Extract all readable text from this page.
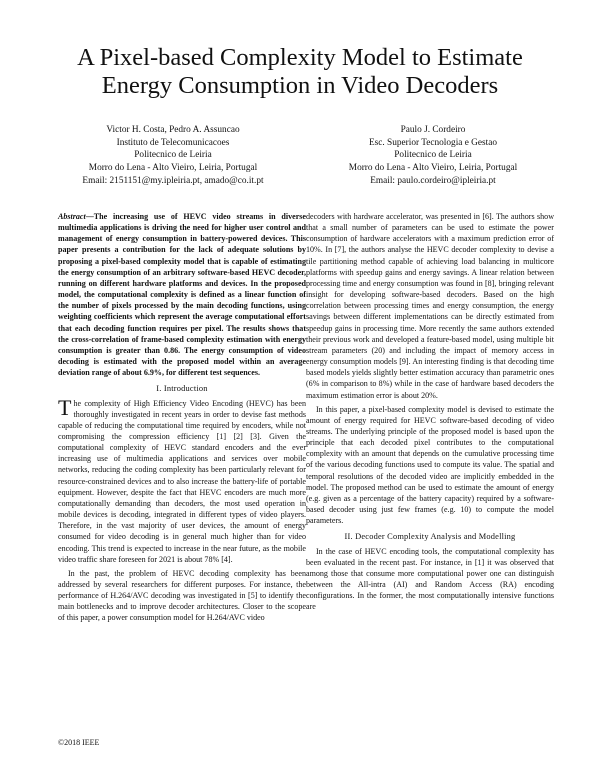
A Pixel-based Complexity Model to Estimate
Energy Consumption in Video Decoders
Victor H. Costa, Pedro A. Assuncao
Instituto de Telecomunicacoes
Politecnico de Leiria
Morro do Lena - Alto Vieiro, Leiria, Portugal
Email: 2151151@my.ipleiria.pt, amado@co.it.pt
Paulo J. Cordeiro
Esc. Superior Tecnologia e Gestao
Politecnico de Leiria
Morro do Lena - Alto Vieiro, Leiria, Portugal
Email: paulo.cordeiro@ipleiria.pt
Abstract—The increasing use of HEVC video streams in diverse multimedia applications is driving the need for higher user control and management of energy consumption in battery-powered devices. This paper presents a contribution for the lack of adequate solutions by proposing a pixel-based complexity model that is capable of estimating the energy consumption of an arbitrary software-based HEVC decoder, running on different hardware platforms and devices. In the proposed model, the computational complexity is defined as a linear function of the number of pixels processed by the main decoding functions, using weighting coefficients which represent the average computational effort that each decoding function requires per pixel. The results shows that the cross-correlation of frame-based complexity estimation with energy consumption is greater than 0.86. The energy consumption of video decoding is estimated with the proposed model within an average deviation range of about 6.9%, for different test sequences.
I. Introduction

The complexity of High Efficiency Video Encoding (HEVC) has been thoroughly investigated in recent years in order to devise fast methods capable of reducing the computational time required by encoders, while not compromising the compression efficiency [1] [2] [3]. Given the computational complexity of HEVC standard encoders and the ever increasing use of multimedia applications and services over mobile networks, reducing the coding complexity has been particularly relevant for resource-constrained devices and to also increase the battery-life of portable equipment. However, despite the fact that HEVC encoders are much more computationally demanding than decoders, the most used operation in mobile devices is decoding, integrated in different types of video players. Therefore, in the vast majority of user devices, the amount of energy consumed for video decoding is in general much higher than for video encoding. This trend is expected to increase in the near future, as the mobile video traffic share foreseen for 2021 is about 78% [4].

In the past, the problem of HEVC decoding complexity has been addressed by several researchers for different purposes. For instance, the performance of H.264/AVC decoding was investigated in [5] to identify the main bottlenecks and to improve decoder architectures. Closer to the scope of this paper, a power consumption model for H.264/AVC video

decoders with hardware accelerator, was presented in [6]. The authors show that a small number of parameters can be used to estimate the power consumption of hardware accelerators with a maximum prediction error of 10%. In [7], the authors analyse the HEVC decoder complexity to devise a tile partitioning method capable of achieving load balancing in multicore platforms with speedup gains and energy savings. A linear relation between processing time and energy consumption was found in [8], bringing relevant insight for developing software-based decoders. Based on the high correlation between processing times and energy consumption, the energy savings between different implementations can be directly estimated from speedup gains in processing time. More recently the same authors extended their previous work and developed a feature-based model, using multiple bit stream parameters (20) and including the impact of memory access in energy consumption models [9]. An interesting finding is that decoding time based models yields slightly better estimation accuracy than parametric ones (6% in comparison to 8%) while in the case of hardware based decoders the maximum estimation error is about 20%.

In this paper, a pixel-based complexity model is devised to estimate the amount of energy required for HEVC software-based decoding of video streams. The underlying principle of the proposed model is based upon the principle that each decoded pixel contributes to the computational complexity with an amount that depends on the cumulative processing time of the various decoding functions used to compute its value. The spatial and temporal resolutions of the decoded video are implicitly embedded in the model. The proposed method can be used to estimate the amount of energy (e.g. given as a percentage of the battery capacity) required by a software-based decoder using just few frames (e.g. 10) to compute the model parameters.

II. Decoder Complexity Analysis and Modelling

In the case of HEVC encoding tools, the computational complexity has been evaluated in the recent past. For instance, in [1] it was observed that among those that consume more computational power one can distinguish between the All-intra (AI) and Random Access (RA) encoding configurations. In the former, the most computationally intensive functions are

©2018 IEEE
